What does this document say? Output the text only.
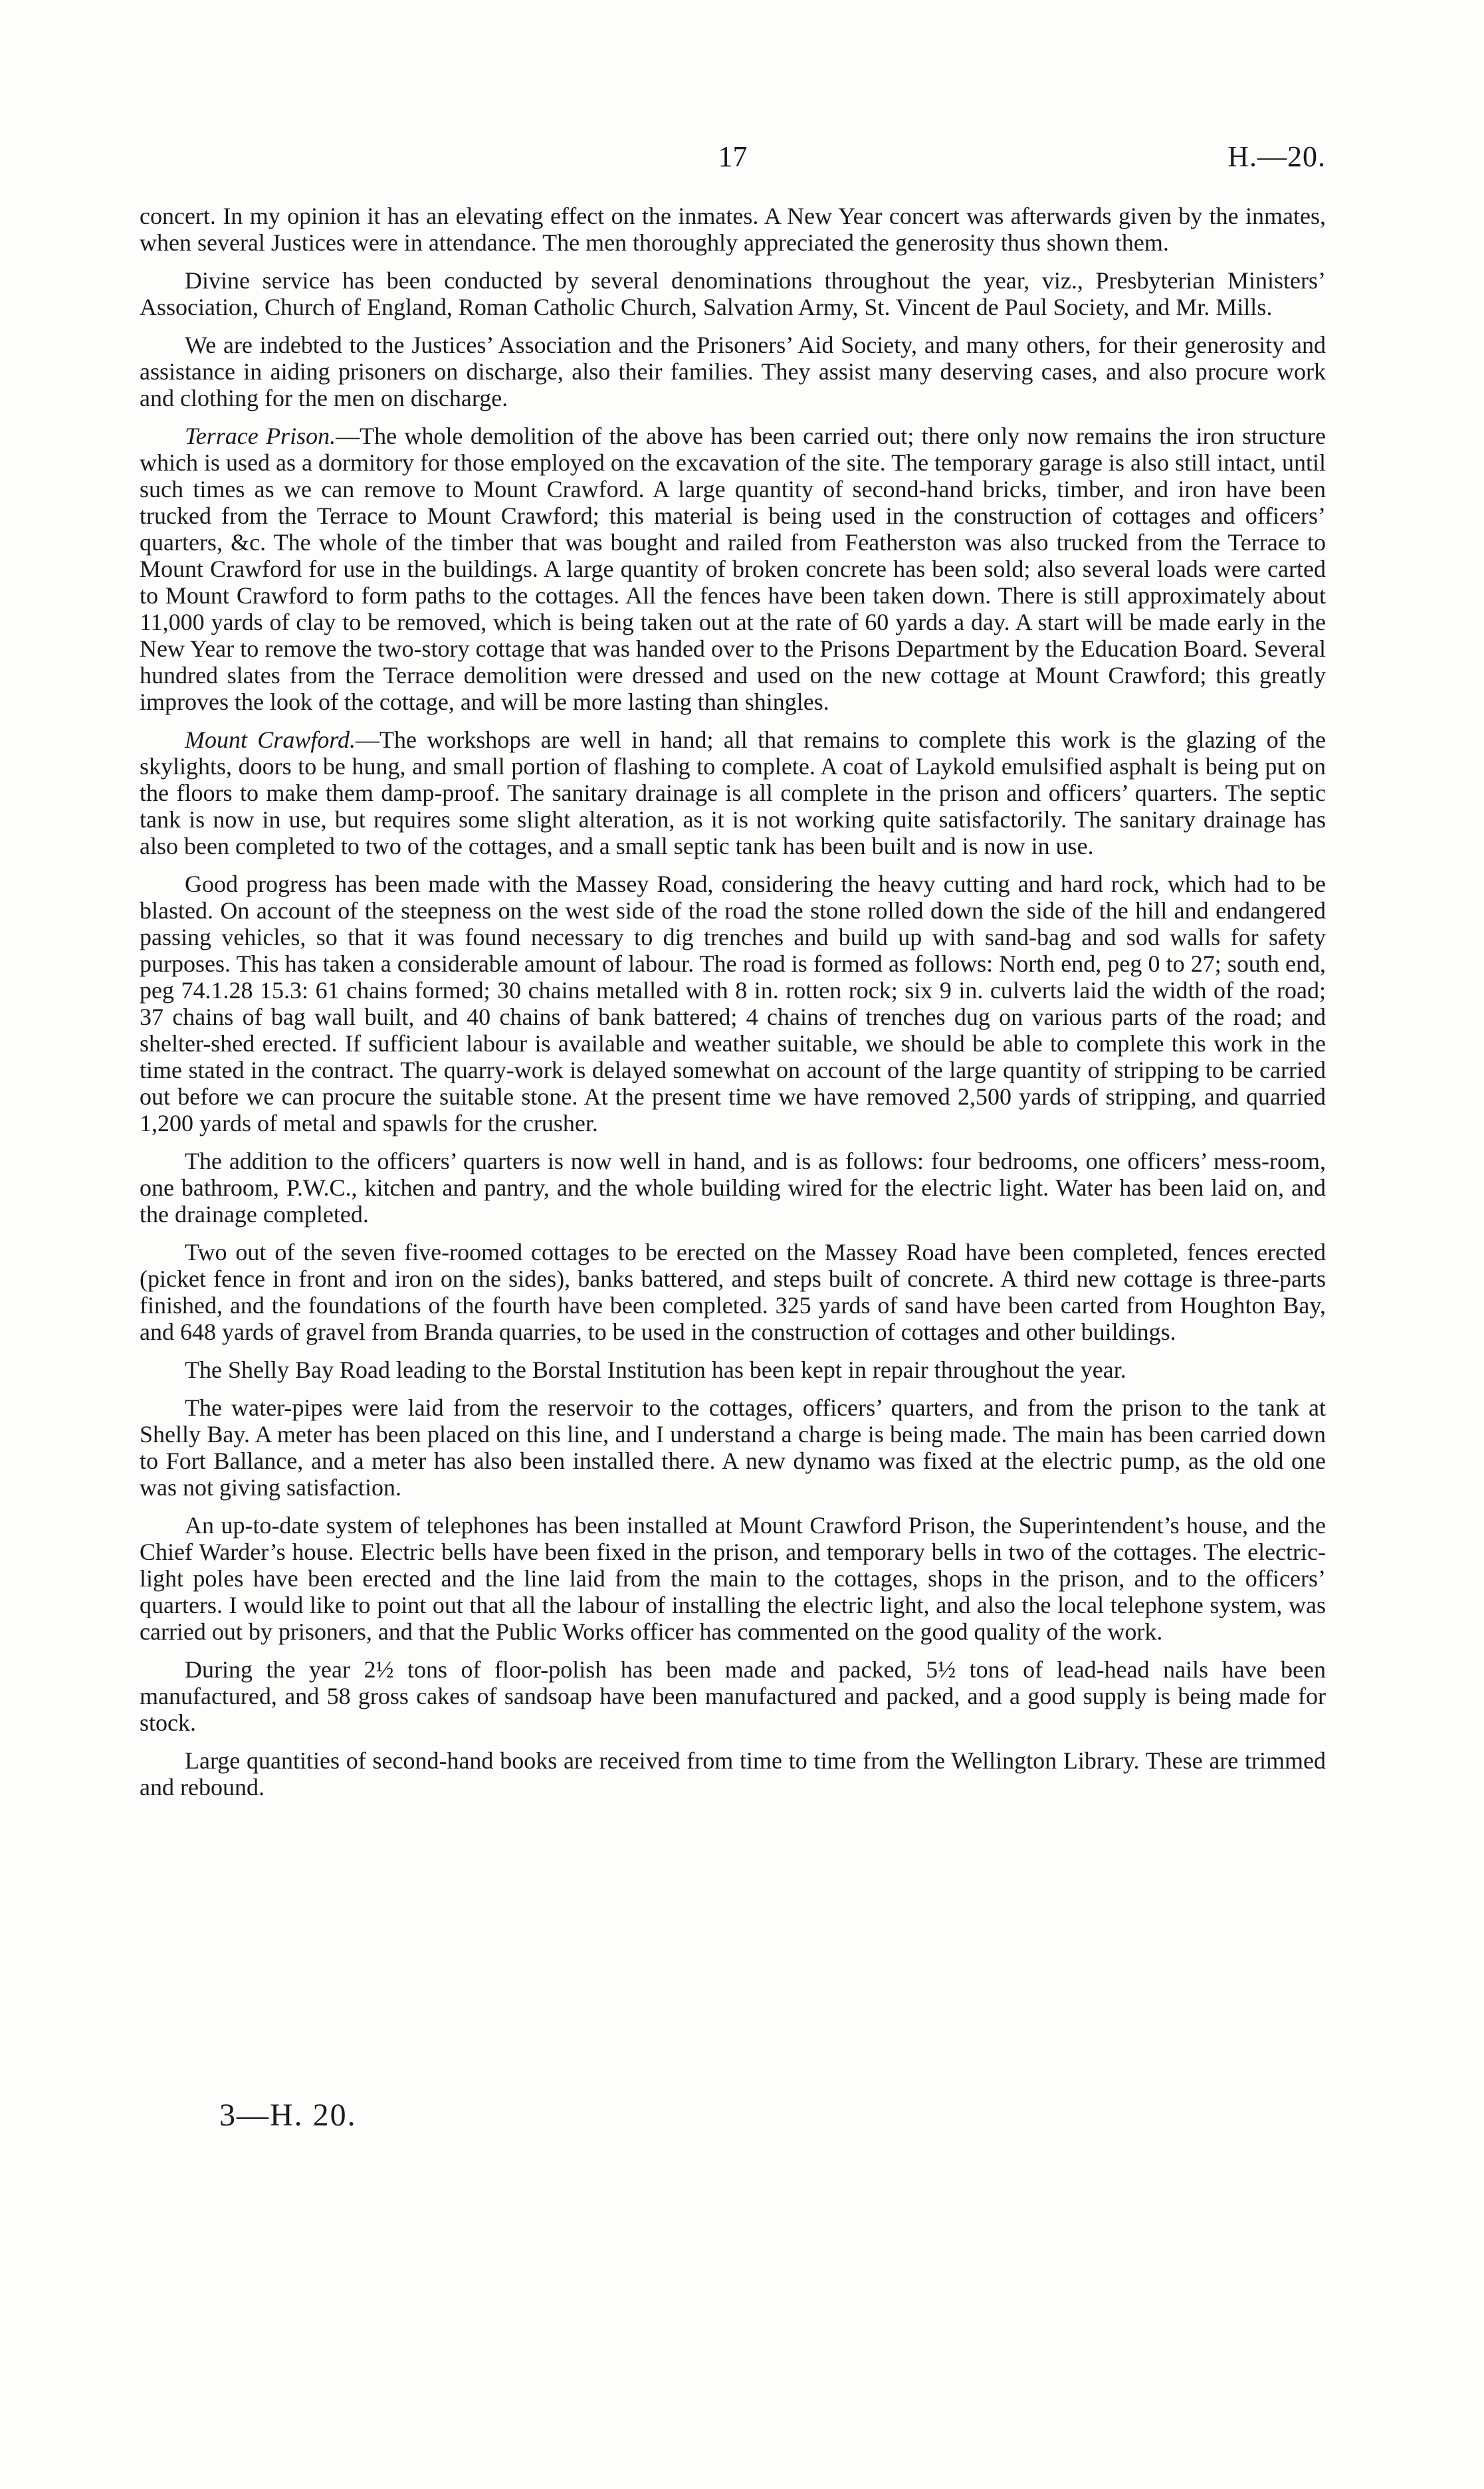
17	H.—20.

concert. In my opinion it has an elevating effect on the inmates. A New Year concert was afterwards given by the inmates, when several Justices were in attendance. The men thoroughly appreciated the generosity thus shown them.

Divine service has been conducted by several denominations throughout the year, viz., Presbyterian Ministers’ Association, Church of England, Roman Catholic Church, Salvation Army, St. Vincent de Paul Society, and Mr. Mills.

We are indebted to the Justices’ Association and the Prisoners’ Aid Society, and many others, for their generosity and assistance in aiding prisoners on discharge, also their families. They assist many deserving cases, and also procure work and clothing for the men on discharge.

Terrace Prison.—The whole demolition of the above has been carried out; there only now remains the iron structure which is used as a dormitory for those employed on the excavation of the site. The temporary garage is also still intact, until such times as we can remove to Mount Crawford. A large quantity of second-hand bricks, timber, and iron have been trucked from the Terrace to Mount Crawford; this material is being used in the construction of cottages and officers’ quarters, &c. The whole of the timber that was bought and railed from Featherston was also trucked from the Terrace to Mount Crawford for use in the buildings. A large quantity of broken concrete has been sold; also several loads were carted to Mount Crawford to form paths to the cottages. All the fences have been taken down. There is still approximately about 11,000 yards of clay to be removed, which is being taken out at the rate of 60 yards a day. A start will be made early in the New Year to remove the two-story cottage that was handed over to the Prisons Department by the Education Board. Several hundred slates from the Terrace demolition were dressed and used on the new cottage at Mount Crawford; this greatly improves the look of the cottage, and will be more lasting than shingles.

Mount Crawford.—The workshops are well in hand; all that remains to complete this work is the glazing of the skylights, doors to be hung, and small portion of flashing to complete. A coat of Laykold emulsified asphalt is being put on the floors to make them damp-proof. The sanitary drainage is all complete in the prison and officers’ quarters. The septic tank is now in use, but requires some slight alteration, as it is not working quite satisfactorily. The sanitary drainage has also been completed to two of the cottages, and a small septic tank has been built and is now in use.

Good progress has been made with the Massey Road, considering the heavy cutting and hard rock, which had to be blasted. On account of the steepness on the west side of the road the stone rolled down the side of the hill and endangered passing vehicles, so that it was found necessary to dig trenches and build up with sand-bag and sod walls for safety purposes. This has taken a considerable amount of labour. The road is formed as follows: North end, peg 0 to 27; south end, peg 74.1.28 15.3: 61 chains formed; 30 chains metalled with 8 in. rotten rock; six 9 in. culverts laid the width of the road; 37 chains of bag wall built, and 40 chains of bank battered; 4 chains of trenches dug on various parts of the road; and shelter-shed erected. If sufficient labour is available and weather suitable, we should be able to complete this work in the time stated in the contract. The quarry-work is delayed somewhat on account of the large quantity of stripping to be carried out before we can procure the suitable stone. At the present time we have removed 2,500 yards of stripping, and quarried 1,200 yards of metal and spawls for the crusher.

The addition to the officers’ quarters is now well in hand, and is as follows: four bedrooms, one officers’ mess-room, one bathroom, P.W.C., kitchen and pantry, and the whole building wired for the electric light. Water has been laid on, and the drainage completed.

Two out of the seven five-roomed cottages to be erected on the Massey Road have been completed, fences erected (picket fence in front and iron on the sides), banks battered, and steps built of concrete. A third new cottage is three-parts finished, and the foundations of the fourth have been completed. 325 yards of sand have been carted from Houghton Bay, and 648 yards of gravel from Branda quarries, to be used in the construction of cottages and other buildings.

The Shelly Bay Road leading to the Borstal Institution has been kept in repair throughout the year.

The water-pipes were laid from the reservoir to the cottages, officers’ quarters, and from the prison to the tank at Shelly Bay. A meter has been placed on this line, and I understand a charge is being made. The main has been carried down to Fort Ballance, and a meter has also been installed there. A new dynamo was fixed at the electric pump, as the old one was not giving satisfaction.

An up-to-date system of telephones has been installed at Mount Crawford Prison, the Superintendent’s house, and the Chief Warder’s house. Electric bells have been fixed in the prison, and temporary bells in two of the cottages. The electric-light poles have been erected and the line laid from the main to the cottages, shops in the prison, and to the officers’ quarters. I would like to point out that all the labour of installing the electric light, and also the local telephone system, was carried out by prisoners, and that the Public Works officer has commented on the good quality of the work.

During the year 2½ tons of floor-polish has been made and packed, 5½ tons of lead-head nails have been manufactured, and 58 gross cakes of sandsoap have been manufactured and packed, and a good supply is being made for stock.

Large quantities of second-hand books are received from time to time from the Wellington Library. These are trimmed and rebound.

3—H. 20.
